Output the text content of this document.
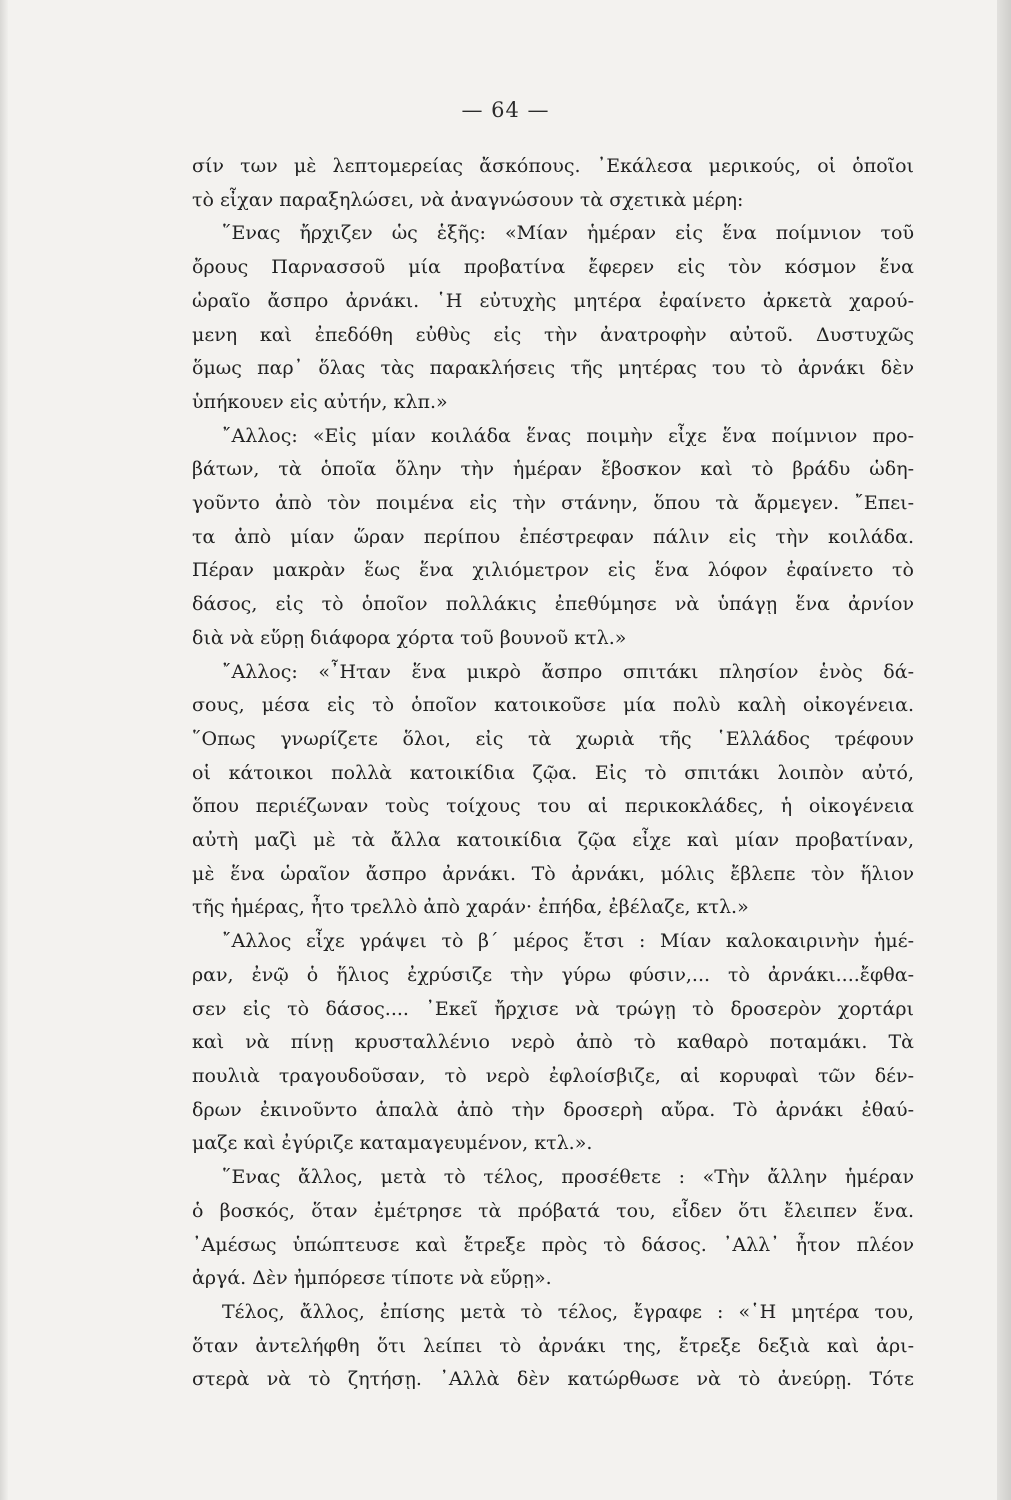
— 64 —
σίν των μὲ λεπτομερείας ἄσκόπους. ᾿Εκάλεσα μερικούς, οἱ ὁποῖοι
τὸ εἶχαν παραξηλώσει, νὰ ἀναγνώσουν τὰ σχετικὰ μέρη:
῞Ενας ἤρχιζεν ὡς ἑξῆς: «Μίαν ἡμέραν εἰς ἕνα ποίμνιον τοῦ
ὄρους Παρνασσοῦ μία προβατίνα ἔφερεν εἰς τὸν κόσμον ἕνα
ὡραῖο ἄσπρο ἀρνάκι. ῾Η εὐτυχὴς μητέρα ἐφαίνετο ἀρκετὰ χαρού-
μενη καὶ ἐπεδόθη εὐθὺς εἰς τὴν ἀνατροφὴν αὐτοῦ. Δυστυχῶς
ὅμως παρ᾿ ὅλας τὰς παρακλήσεις τῆς μητέρας του τὸ ἀρνάκι δὲν
ὑπήκουεν εἰς αὐτήν, κλπ.»
῎Αλλος: «Εἰς μίαν κοιλάδα ἕνας ποιμὴν εἶχε ἕνα ποίμνιον προ-
βάτων, τὰ ὁποῖα ὅλην τὴν ἡμέραν ἔβοσκον καὶ τὸ βράδυ ὡδη-
γοῦντο ἀπὸ τὸν ποιμένα εἰς τὴν στάνην, ὅπου τὰ ἄρμεγεν. ῎Επει-
τα ἀπὸ μίαν ὥραν περίπου ἐπέστρεφαν πάλιν εἰς τὴν κοιλάδα.
Πέραν μακρὰν ἕως ἕνα χιλιόμετρον εἰς ἕνα λόφον ἐφαίνετο τὸ
δάσος, εἰς τὸ ὁποῖον πολλάκις ἐπεθύμησε νὰ ὑπάγῃ ἕνα ἀρνίον
διὰ νὰ εὕρῃ διάφορα χόρτα τοῦ βουνοῦ κτλ.»
῎Αλλος: «῏Ηταν ἕνα μικρὸ ἄσπρο σπιτάκι πλησίον ἑνὸς δά-
σους, μέσα εἰς τὸ ὁποῖον κατοικοῦσε μία πολὺ καλὴ οἰκογένεια.
῞Οπως γνωρίζετε ὅλοι, εἰς τὰ χωριὰ τῆς ῾Ελλάδος τρέφουν
οἱ κάτοικοι πολλὰ κατοικίδια ζῷα. Εἰς τὸ σπιτάκι λοιπὸν αὐτό,
ὅπου περιέζωναν τοὺς τοίχους του αἱ περικοκλάδες, ἡ οἰκογένεια
αὐτὴ μαζὶ μὲ τὰ ἄλλα κατοικίδια ζῷα εἶχε καὶ μίαν προβατίναν,
μὲ ἕνα ὡραῖον ἄσπρο ἀρνάκι. Τὸ ἀρνάκι, μόλις ἔβλεπε τὸν ἥλιον
τῆς ἡμέρας, ἦτο τρελλὸ ἀπὸ χαράν· ἐπήδα, ἐβέλαζε, κτλ.»
῎Αλλος εἶχε γράψει τὸ β΄ μέρος ἔτσι : Μίαν καλοκαιρινὴν ἡμέ-
ραν, ἐνῷ ὁ ἥλιος ἐχρύσιζε τὴν γύρω φύσιν,... τὸ ἀρνάκι....ἔφθα-
σεν εἰς τὸ δάσος.... ᾿Εκεῖ ἤρχισε νὰ τρώγῃ τὸ δροσερὸν χορτάρι
καὶ νὰ πίνῃ κρυσταλλένιο νερὸ ἀπὸ τὸ καθαρὸ ποταμάκι. Τὰ
πουλιὰ τραγουδοῦσαν, τὸ νερὸ ἐφλοίσβιζε, αἱ κορυφαὶ τῶν δέν-
δρων ἐκινοῦντο ἁπαλὰ ἀπὸ τὴν δροσερὴ αὔρα. Τὸ ἀρνάκι ἐθαύ-
μαζε καὶ ἐγύριζε καταμαγευμένον, κτλ.».
῞Ενας ἄλλος, μετὰ τὸ τέλος, προσέθετε : «Τὴν ἄλλην ἡμέραν
ὁ βοσκός, ὅταν ἐμέτρησε τὰ πρόβατά του, εἶδεν ὅτι ἔλειπεν ἕνα.
᾿Αμέσως ὑπώπτευσε καὶ ἔτρεξε πρὸς τὸ δάσος. ᾿Αλλ᾿ ἦτον πλέον
ἀργά. Δὲν ἠμπόρεσε τίποτε νὰ εὕρῃ».
Τέλος, ἄλλος, ἐπίσης μετὰ τὸ τέλος, ἔγραφε : «῾Η μητέρα του,
ὅταν ἀντελήφθη ὅτι λείπει τὸ ἀρνάκι της, ἔτρεξε δεξιὰ καὶ ἀρι-
στερὰ νὰ τὸ ζητήσῃ. ᾿Αλλὰ δὲν κατώρθωσε νὰ τὸ ἀνεύρῃ. Τότε
